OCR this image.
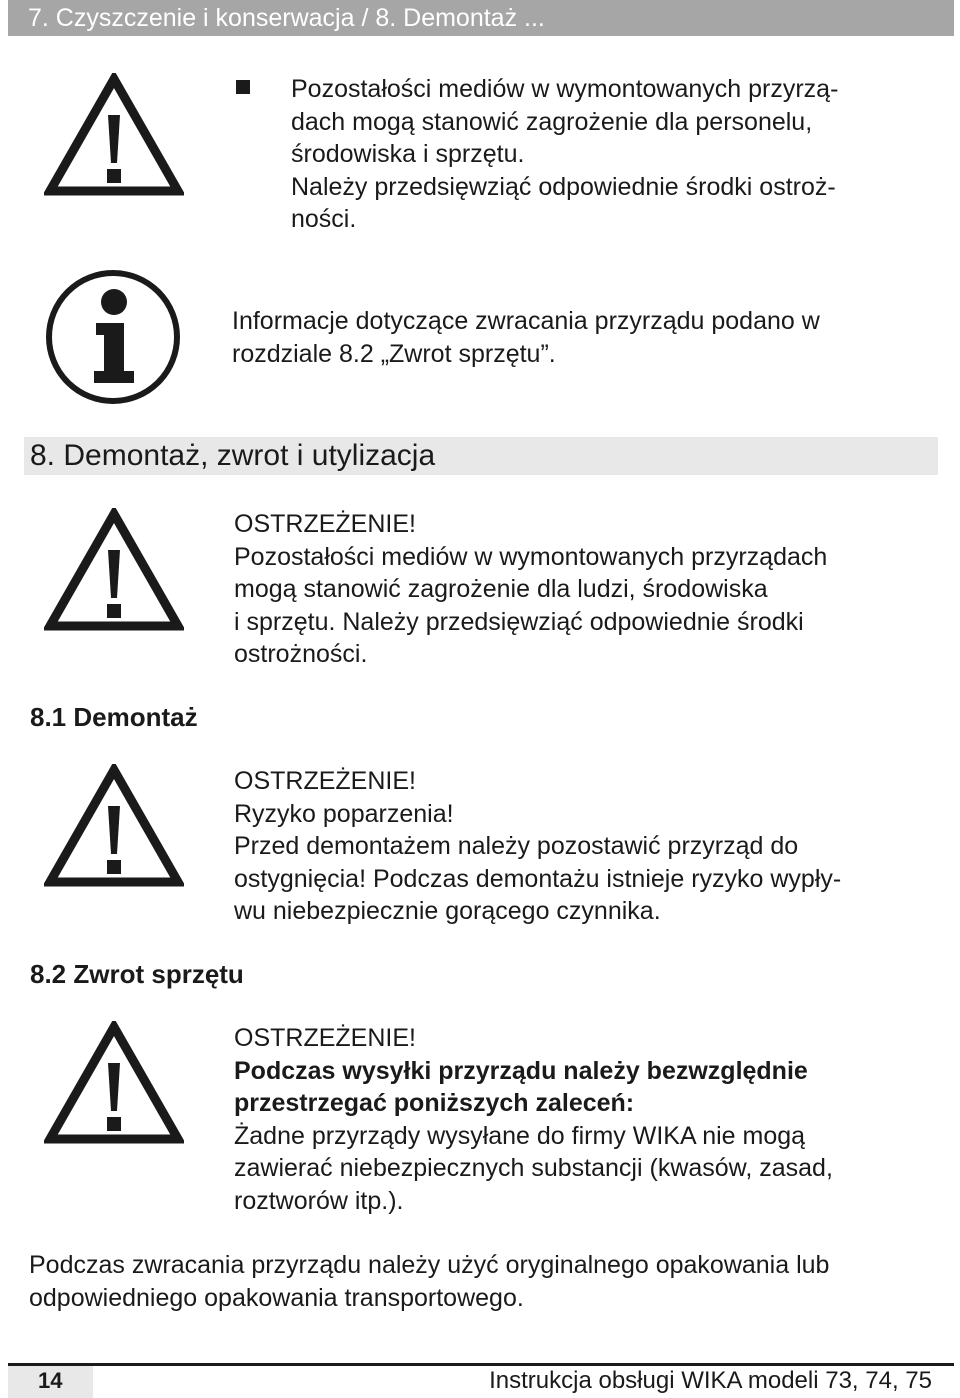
7. Czyszczenie i konserwacja / 8. Demontaż ...

Pozostałości mediów w wymontowanych przyrzą-

dach mogą stanowić zagrożenie dla personelu,

środowiska i sprzętu.

Należy przedsięwziąć odpowiednie środki ostroż-

ności.

Informacje dotyczące zwracania przyrządu podano w

rozdziale 8.2 „Zwrot sprzętu”.

8. Demontaż, zwrot i utylizacja

OSTRZEŻENIE!

Pozostałości mediów w wymontowanych przyrządach

mogą stanowić zagrożenie dla ludzi, środowiska

i sprzętu. Należy przedsięwziąć odpowiednie środki

ostrożności.

8.1 Demontaż

OSTRZEŻENIE!

Ryzyko poparzenia!

Przed demontażem należy pozostawić przyrząd do

ostygnięcia! Podczas demontażu istnieje ryzyko wypły-

wu niebezpiecznie gorącego czynnika.

8.2 Zwrot sprzętu

OSTRZEŻENIE!

Podczas wysyłki przyrządu należy bezwzględnie

przestrzegać poniższych zaleceń:

Żadne przyrządy wysyłane do firmy WIKA nie mogą

zawierać niebezpiecznych substancji (kwasów, zasad,

roztworów itp.).

Podczas zwracania przyrządu należy użyć oryginalnego opakowania lub

odpowiedniego opakowania transportowego.

14	Instrukcja obsługi WIKA modeli 73, 74, 75
